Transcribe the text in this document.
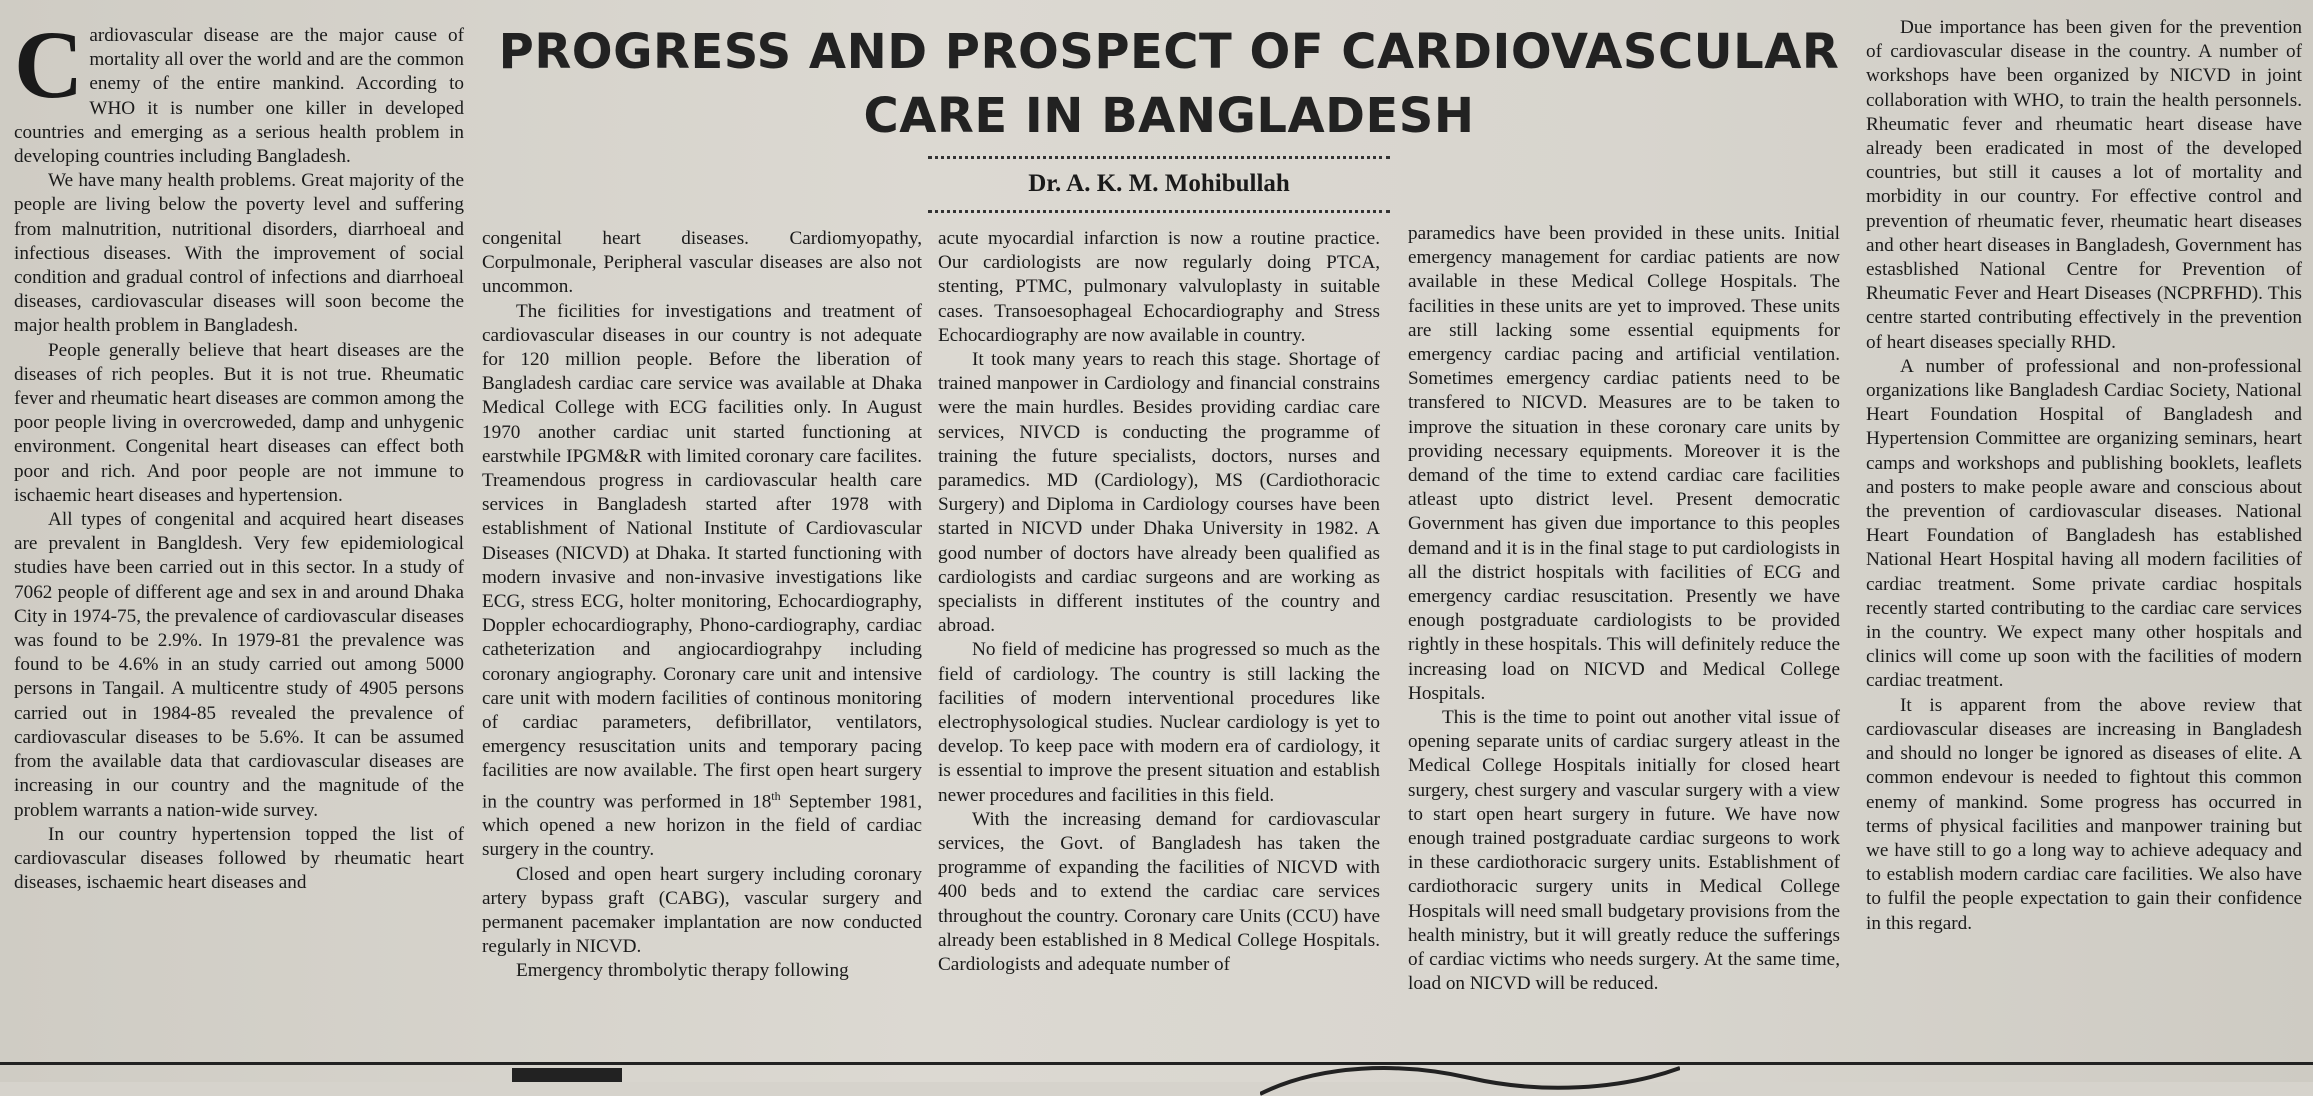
PROGRESS AND PROSPECT OF CARDIOVASCULAR CARE IN BANGLADESH
Dr. A. K. M. Mohibullah

Cardiovascular disease are the major cause of mortality all over the world and are the common enemy of the entire mankind. According to WHO it is number one killer in developed countries and emerging as a serious health problem in developing countries including Bangladesh.

We have many health problems. Great majority of the people are living below the poverty level and suffering from malnutrition, nutritional disorders, diarrhoeal and infectious diseases. With the improvement of social condition and gradual control of infections and diarrhoeal diseases, cardiovascular diseases will soon become the major health problem in Bangladesh.

People generally believe that heart diseases are the diseases of rich peoples. But it is not true. Rheumatic fever and rheumatic heart diseases are common among the poor people living in overcroweded, damp and unhygenic environment. Congenital heart diseases can effect both poor and rich. And poor people are not immune to ischaemic heart diseases and hypertension.

All types of congenital and acquired heart diseases are prevalent in Bangldesh. Very few epidemiological studies have been carried out in this sector. In a study of 7062 people of different age and sex in and around Dhaka City in 1974-75, the prevalence of cardiovascular diseases was found to be 2.9%. In 1979-81 the prevalence was found to be 4.6% in an study carried out among 5000 persons in Tangail. A multicentre study of 4905 persons carried out in 1984-85 revealed the prevalence of cardiovascular diseases to be 5.6%. It can be assumed from the available data that cardiovascular diseases are increasing in our country and the magnitude of the problem warrants a nation-wide survey.

In our country hypertension topped the list of cardiovascular diseases followed by rheumatic heart diseases, ischaemic heart diseases and

congenital heart diseases. Cardiomyopathy, Corpulmonale, Peripheral vascular diseases are also not uncommon.

The ficilities for investigations and treatment of cardiovascular diseases in our country is not adequate for 120 million people. Before the liberation of Bangladesh cardiac care service was available at Dhaka Medical College with ECG facilities only. In August 1970 another cardiac unit started functioning at earstwhile IPGM&R with limited coronary care facilites. Treamendous progress in cardiovascular health care services in Bangladesh started after 1978 with establishment of National Institute of Cardiovascular Diseases (NICVD) at Dhaka. It started functioning with modern invasive and non-invasive investigations like ECG, stress ECG, holter monitoring, Echocardiography, Doppler echocardiography, Phono-cardiography, cardiac catheterization and angiocardiograhpy including coronary angiography. Coronary care unit and intensive care unit with modern facilities of continous monitoring of cardiac parameters, defibrillator, ventilators, emergency resuscitation units and temporary pacing facilities are now available. The first open heart surgery in the country was performed in 18th September 1981, which opened a new horizon in the field of cardiac surgery in the country.

Closed and open heart surgery including coronary artery bypass graft (CABG), vascular surgery and permanent pacemaker implantation are now conducted regularly in NICVD.

Emergency thrombolytic therapy following

acute myocardial infarction is now a routine practice. Our cardiologists are now regularly doing PTCA, stenting, PTMC, pulmonary valvuloplasty in suitable cases. Transoesophageal Echocardiography and Stress Echocardiography are now available in country.

It took many years to reach this stage. Shortage of trained manpower in Cardiology and financial constrains were the main hurdles. Besides providing cardiac care services, NIVCD is conducting the programme of training the future specialists, doctors, nurses and paramedics. MD (Cardiology), MS (Cardiothoracic Surgery) and Diploma in Cardiology courses have been started in NICVD under Dhaka University in 1982. A good number of doctors have already been qualified as cardiologists and cardiac surgeons and are working as specialists in different institutes of the country and abroad.

No field of medicine has progressed so much as the field of cardiology. The country is still lacking the facilities of modern interventional procedures like electrophysological studies. Nuclear cardiology is yet to develop. To keep pace with modern era of cardiology, it is essential to improve the present situation and establish newer procedures and facilities in this field.

With the increasing demand for cardiovascular services, the Govt. of Bangladesh has taken the programme of expanding the facilities of NICVD with 400 beds and to extend the cardiac care services throughout the country. Coronary care Units (CCU) have already been established in 8 Medical College Hospitals. Cardiologists and adequate number of

paramedics have been provided in these units. Initial emergency management for cardiac patients are now available in these Medical College Hospitals. The facilities in these units are yet to improved. These units are still lacking some essential equipments for emergency cardiac pacing and artificial ventilation. Sometimes emergency cardiac patients need to be transfered to NICVD. Measures are to be taken to improve the situation in these coronary care units by providing necessary equipments. Moreover it is the demand of the time to extend cardiac care facilities atleast upto district level. Present democratic Government has given due importance to this peoples demand and it is in the final stage to put cardiologists in all the district hospitals with facilities of ECG and emergency cardiac resuscitation. Presently we have enough postgraduate cardiologists to be provided rightly in these hospitals. This will definitely reduce the increasing load on NICVD and Medical College Hospitals.

This is the time to point out another vital issue of opening separate units of cardiac surgery atleast in the Medical College Hospitals initially for closed heart surgery, chest surgery and vascular surgery with a view to start open heart surgery in future. We have now enough trained postgraduate cardiac surgeons to work in these cardiothoracic surgery units. Establishment of cardiothoracic surgery units in Medical College Hospitals will need small budgetary provisions from the health ministry, but it will greatly reduce the sufferings of cardiac victims who needs surgery. At the same time, load on NICVD will be reduced.

Due importance has been given for the prevention of cardiovascular disease in the country. A number of workshops have been organized by NICVD in joint collaboration with WHO, to train the health personnels. Rheumatic fever and rheumatic heart disease have already been eradicated in most of the developed countries, but still it causes a lot of mortality and morbidity in our country. For effective control and prevention of rheumatic fever, rheumatic heart diseases and other heart diseases in Bangladesh, Government has estasblished National Centre for Prevention of Rheumatic Fever and Heart Diseases (NCPRFHD). This centre started contributing effectively in the prevention of heart diseases specially RHD.

A number of professional and non-professional organizations like Bangladesh Cardiac Society, National Heart Foundation Hospital of Bangladesh and Hypertension Committee are organizing seminars, heart camps and workshops and publishing booklets, leaflets and posters to make people aware and conscious about the prevention of cardiovascular diseases. National Heart Foundation of Bangladesh has established National Heart Hospital having all modern facilities of cardiac treatment. Some private cardiac hospitals recently started contributing to the cardiac care services in the country. We expect many other hospitals and clinics will come up soon with the facilities of modern cardiac treatment.

It is apparent from the above review that cardiovascular diseases are increasing in Bangladesh and should no longer be ignored as diseases of elite. A common endevour is needed to fightout this common enemy of mankind. Some progress has occurred in terms of physical facilities and manpower training but we have still to go a long way to achieve adequacy and to establish modern cardiac care facilities. We also have to fulfil the people expectation to gain their confidence in this regard.
